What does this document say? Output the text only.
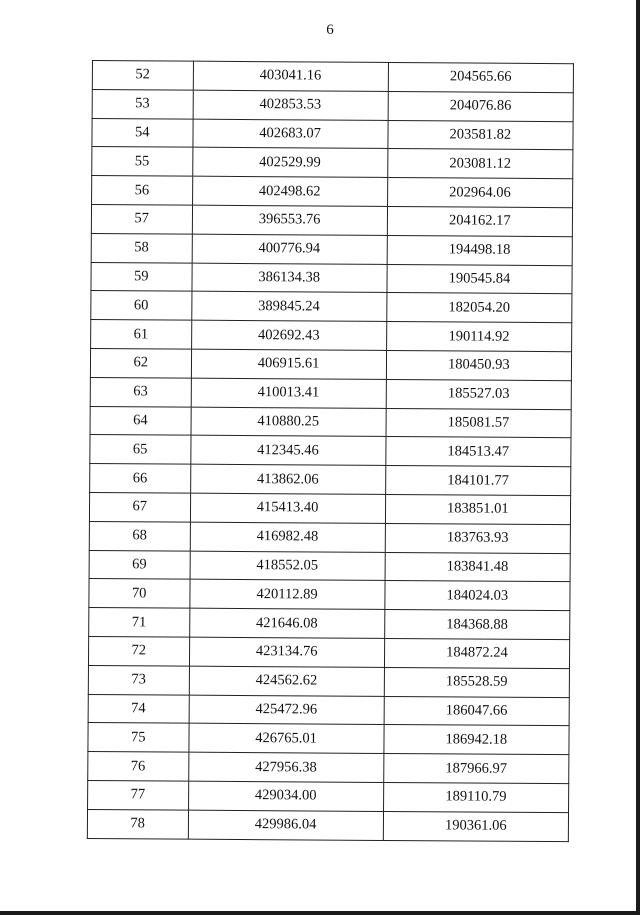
6
52	403041.16	204565.66
53	402853.53	204076.86
54	402683.07	203581.82
55	402529.99	203081.12
56	402498.62	202964.06
57	396553.76	204162.17
58	400776.94	194498.18
59	386134.38	190545.84
60	389845.24	182054.20
61	402692.43	190114.92
62	406915.61	180450.93
63	410013.41	185527.03
64	410880.25	185081.57
65	412345.46	184513.47
66	413862.06	184101.77
67	415413.40	183851.01
68	416982.48	183763.93
69	418552.05	183841.48
70	420112.89	184024.03
71	421646.08	184368.88
72	423134.76	184872.24
73	424562.62	185528.59
74	425472.96	186047.66
75	426765.01	186942.18
76	427956.38	187966.97
77	429034.00	189110.79
78	429986.04	190361.06
